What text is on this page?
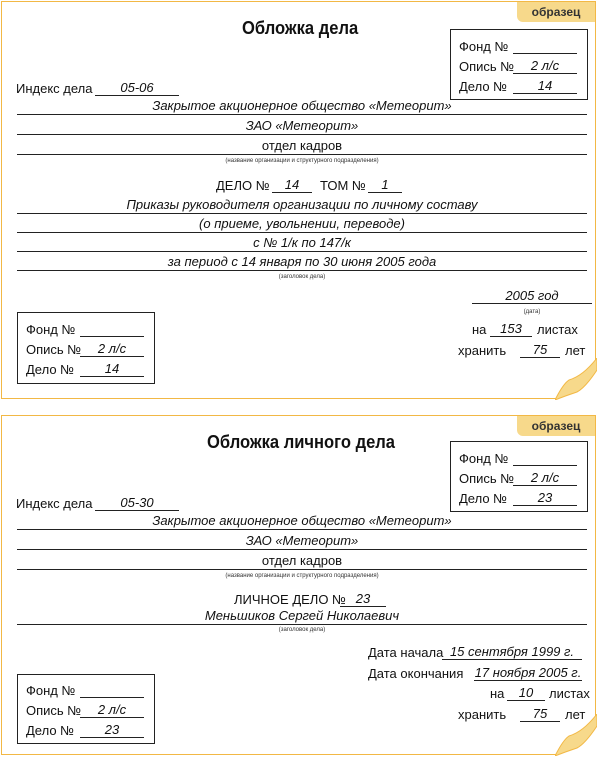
образец
Обложка дела
Фонд №
Опись №	2 л/с
Дело №	14
Индекс дела	05-06
Закрытое акционерное общество «Метеорит»
ЗАО «Метеорит»
отдел кадров
(название организации и структурного подразделения)
ДЕЛО №	14	ТОМ №	1
Приказы руководителя организации по личному составу
(о приеме, увольнении, переводе)
с № 1/к по 147/к
за период с 14 января по 30 июня 2005 года
(заголовок дела)
2005 год
(дата)
Фонд №
Опись №	2 л/с
Дело №	14
на	153	листах
хранить	75	лет
образец
Обложка личного дела
Фонд №
Опись №	2 л/с
Дело №	23
Индекс дела	05-30
Закрытое акционерное общество «Метеорит»
ЗАО «Метеорит»
отдел кадров
(название организации и структурного подразделения)
ЛИЧНОЕ ДЕЛО № 23
Меньшиков Сергей Николаевич
(заголовок дела)
Дата начала 15 сентября 1999 г.
Дата окончания 17 ноября 2005 г.
Фонд №
Опись №	2 л/с
Дело №	23
на	10	листах
хранить	75	лет
